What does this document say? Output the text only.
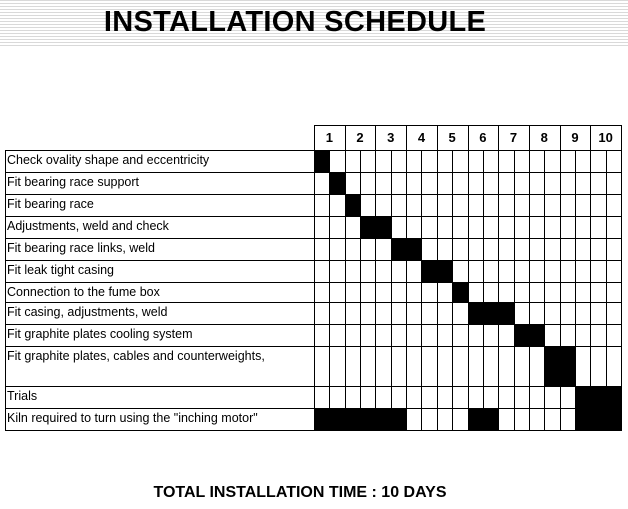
INSTALLATION SCHEDULE
1 2 3 4 5 6 7 8 9 10
Check ovality shape and eccentricity
Fit bearing race support
Fit bearing race
Adjustments, weld and check
Fit bearing race links, weld
Fit leak tight casing
Connection to the fume box
Fit casing, adjustments, weld
Fit graphite plates cooling system
Fit graphite plates, cables and counterweights,
Trials
Kiln required to turn using the "inching motor"
TOTAL INSTALLATION TIME : 10 DAYS
